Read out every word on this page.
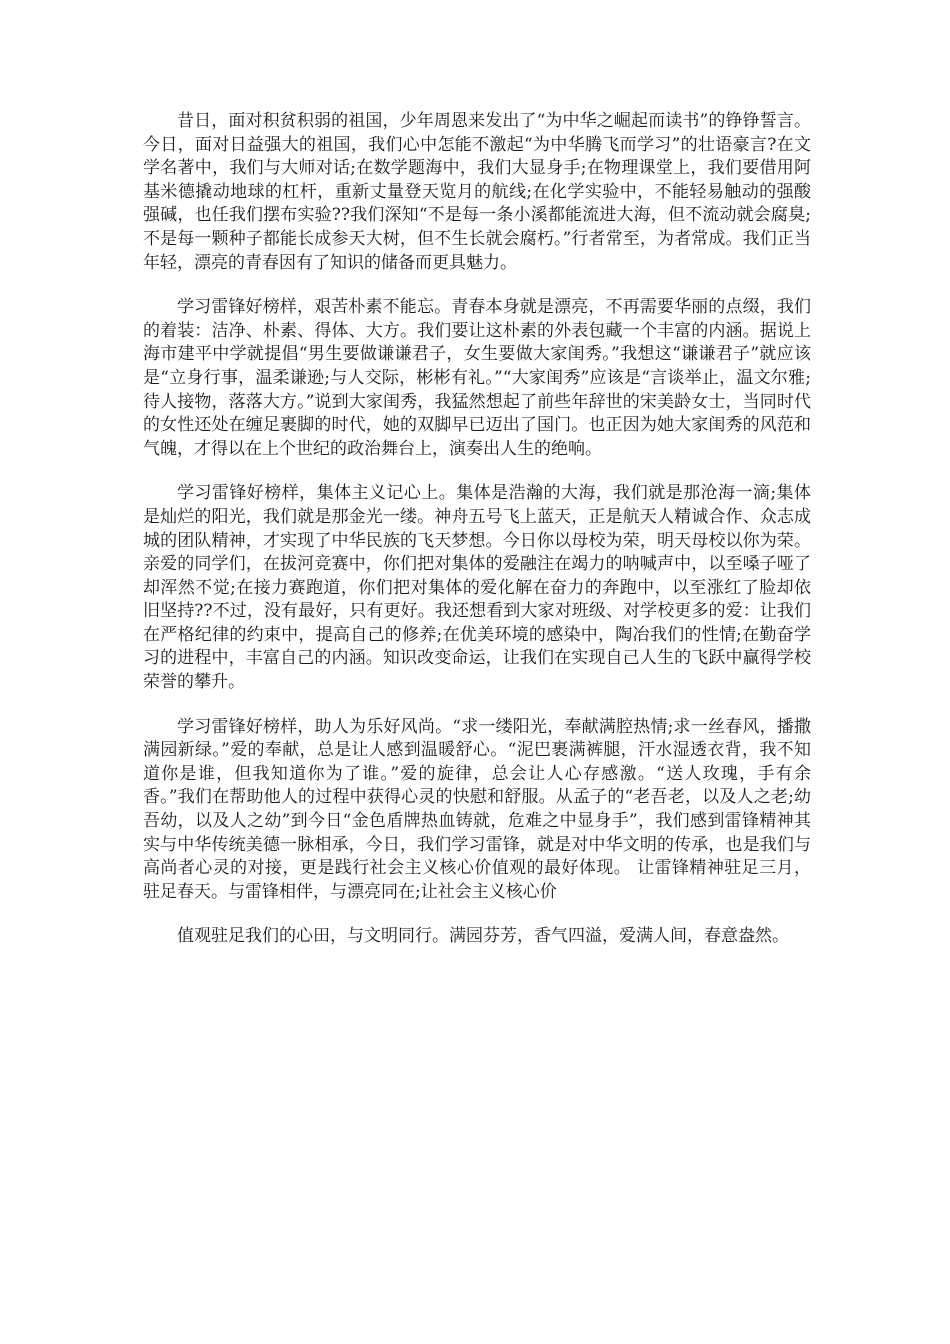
昔日，面对积贫积弱的祖国，少年周恩来发出了“为中华之崛起而读书”的铮铮誓言。今日，面对日益强大的祖国，我们心中怎能不激起“为中华腾飞而学习”的壮语豪言?在文学名著中，我们与大师对话;在数学题海中，我们大显身手;在物理课堂上，我们要借用阿基米德撬动地球的杠杆，重新丈量登天览月的航线;在化学实验中，不能轻易触动的强酸强碱，也任我们摆布实验??我们深知“不是每一条小溪都能流进大海，但不流动就会腐臭;不是每一颗种子都能长成参天大树，但不生长就会腐朽。”行者常至，为者常成。我们正当年轻，漂亮的青春因有了知识的储备而更具魅力。

学习雷锋好榜样，艰苦朴素不能忘。青春本身就是漂亮，不再需要华丽的点缀，我们的着装：洁净、朴素、得体、大方。我们要让这朴素的外表包藏一个丰富的内涵。据说上海市建平中学就提倡“男生要做谦谦君子，女生要做大家闺秀。”我想这“谦谦君子”就应该是“立身行事，温柔谦逊;与人交际，彬彬有礼。”“大家闺秀”应该是“言谈举止，温文尔雅;待人接物，落落大方。”说到大家闺秀，我猛然想起了前些年辞世的宋美龄女士，当同时代的女性还处在缠足裹脚的时代，她的双脚早已迈出了国门。也正因为她大家闺秀的风范和气魄，才得以在上个世纪的政治舞台上，演奏出人生的绝响。

学习雷锋好榜样，集体主义记心上。集体是浩瀚的大海，我们就是那沧海一滴;集体是灿烂的阳光，我们就是那金光一缕。神舟五号飞上蓝天，正是航天人精诚合作、众志成城的团队精神，才实现了中华民族的飞天梦想。今日你以母校为荣，明天母校以你为荣。亲爱的同学们，在拔河竞赛中，你们把对集体的爱融注在竭力的呐喊声中，以至嗓子哑了却浑然不觉;在接力赛跑道，你们把对集体的爱化解在奋力的奔跑中，以至涨红了脸却依旧坚持??不过，没有最好，只有更好。我还想看到大家对班级、对学校更多的爱：让我们在严格纪律的约束中，提高自己的修养;在优美环境的感染中，陶冶我们的性情;在勤奋学习的进程中，丰富自己的内涵。知识改变命运，让我们在实现自己人生的飞跃中赢得学校荣誉的攀升。

学习雷锋好榜样，助人为乐好风尚。“求一缕阳光，奉献满腔热情;求一丝春风，播撒满园新绿。”爱的奉献，总是让人感到温暖舒心。“泥巴裹满裤腿，汗水湿透衣背，我不知道你是谁，但我知道你为了谁。”爱的旋律，总会让人心存感激。“送人玫瑰，手有余香。”我们在帮助他人的过程中获得心灵的快慰和舒服。从孟子的“老吾老，以及人之老;幼吾幼，以及人之幼”到今日“金色盾牌热血铸就，危难之中显身手”，我们感到雷锋精神其实与中华传统美德一脉相承，今日，我们学习雷锋，就是对中华文明的传承，也是我们与高尚者心灵的对接，更是践行社会主义核心价值观的最好体现。 让雷锋精神驻足三月，驻足春天。与雷锋相伴，与漂亮同在;让社会主义核心价

值观驻足我们的心田，与文明同行。满园芬芳，香气四溢，爱满人间，春意盎然。
